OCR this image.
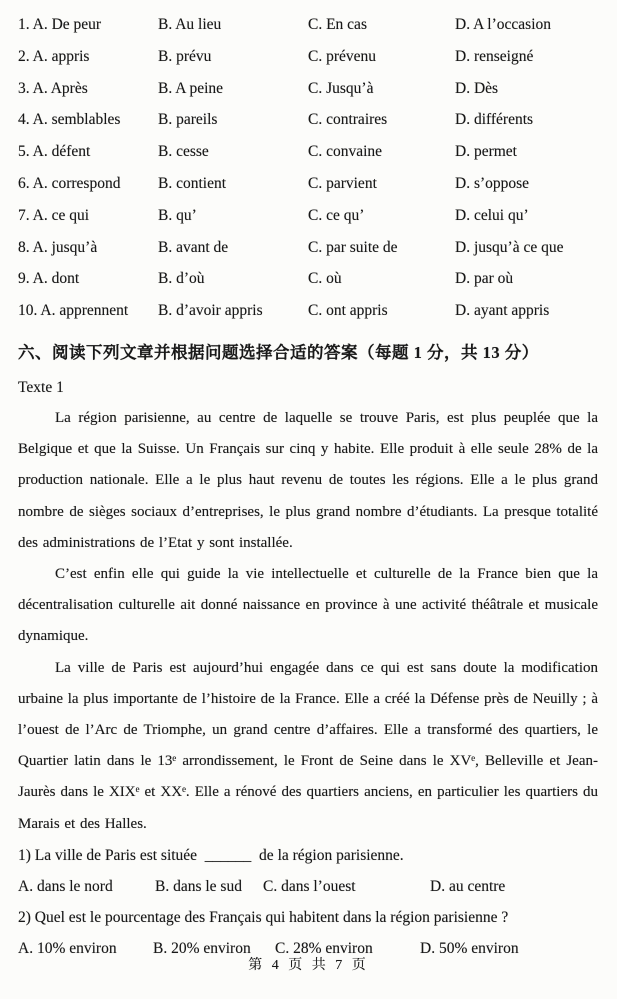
1. A. De peur	B. Au lieu	C. En cas	D. A l’occasion
2. A. appris	B. prévu	C. prévenu	D. renseigné
3. A. Après	B. A peine	C. Jusqu’à	D. Dès
4. A. semblables	B. pareils	C. contraires	D. différents
5. A. défent	B. cesse	C. convaine	D. permet
6. A. correspond	B. contient	C. parvient	D. s’oppose
7. A. ce qui	B. qu’	C. ce qu’	D. celui qu’
8. A. jusqu’à	B. avant de	C. par suite de	D. jusqu’à ce que
9. A. dont	B. d’où	C. où	D. par où
10. A. apprennent	B. d’avoir appris	C. ont appris	D. ayant appris
六、阅读下列文章并根据问题选择合适的答案（每题 1 分，共 13 分）
Texte 1

La région parisienne, au centre de laquelle se trouve Paris, est plus peuplée que la Belgique et que la Suisse. Un Français sur cinq y habite. Elle produit à elle seule 28% de la production nationale. Elle a le plus haut revenu de toutes les régions. Elle a le plus grand nombre de sièges sociaux d’entreprises, le plus grand nombre d’étudiants. La presque totalité des administrations de l’Etat y sont installée.

C’est enfin elle qui guide la vie intellectuelle et culturelle de la France bien que la décentralisation culturelle ait donné naissance en province à une activité théâtrale et musicale dynamique.

La ville de Paris est aujourd’hui engagée dans ce qui est sans doute la modification urbaine la plus importante de l’histoire de la France. Elle a créé la Défense près de Neuilly ; à l’ouest de l’Arc de Triomphe, un grand centre d’affaires. Elle a transformé des quartiers, le Quartier latin dans le 13ᵉ arrondissement, le Front de Seine dans le XVᵉ, Belleville et Jean-Jaurès dans le XIXᵉ et XXᵉ. Elle a rénové des quartiers anciens, en particulier les quartiers du Marais et des Halles.

1) La ville de Paris est située  ______  de la région parisienne.
A. dans le nord	B. dans le sud	C. dans l’ouest	D. au centre
2) Quel est le pourcentage des Français qui habitent dans la région parisienne ?
A. 10% environ	B. 20% environ	C. 28% environ	D. 50% environ
第 4 页 共 7 页
